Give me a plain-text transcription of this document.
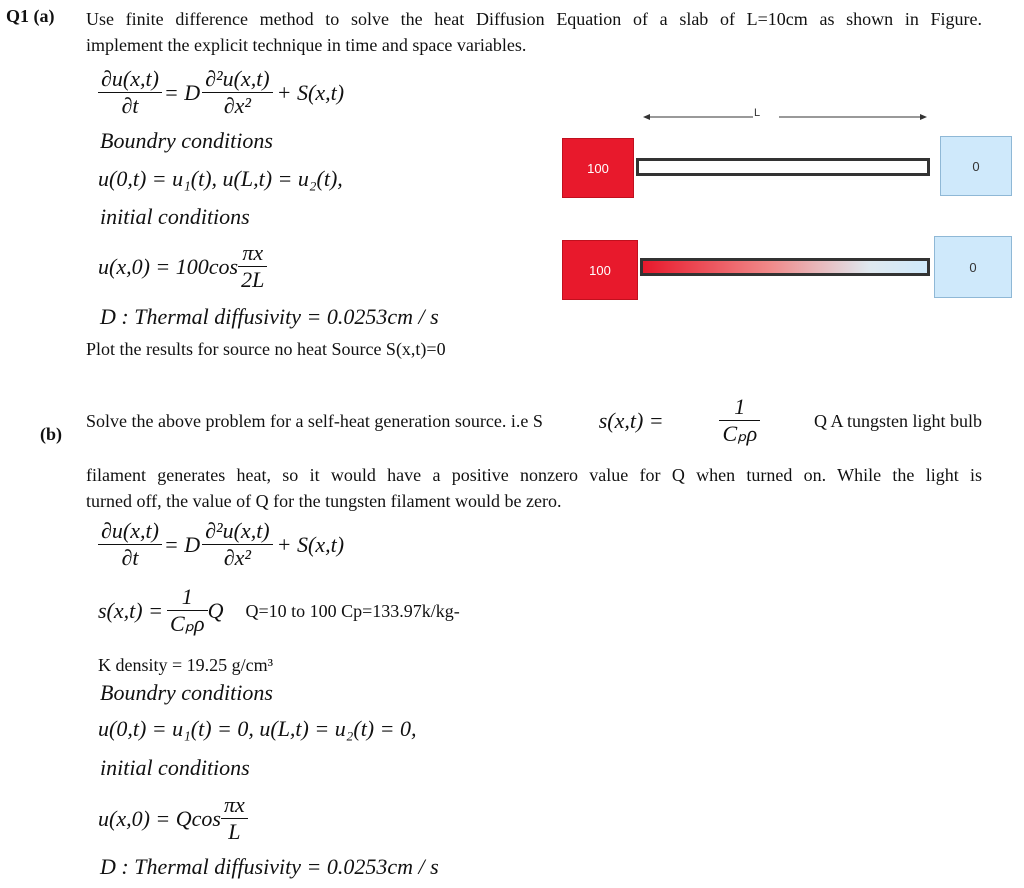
Q1 (a) Use finite difference method to solve the heat Diffusion Equation of a slab of L=10cm as shown in Figure.
implement the explicit technique in time and space variables.
$\frac{\partial u(x,t)}{\partial t} = D \frac{\text{∂²u(x,t)}}{\text{∂x²}} + S(x,t)$
Boundry conditions
u(0,t) = u₁(t), u(L,t) = u₂(t),
initial conditions
$u(x,0) = 100\cos \frac{\pi x}{2L}$
D : Thermal diffusivity = 0.0253cm / s
Plot the results for source no heat Source S(x,t)=0
L
100	0
100	0
(b)
Solve the above problem for a self-heat generation source. i.e S	s(x,t) =	$\frac{1}{\text{Cₚρ}}$	Q A tungsten light bulb
filament generates heat, so it would have a positive nonzero value for Q when turned on. While the light is
turned off, the value of Q for the tungsten filament would be zero.
$\frac{\partial u(x,t)}{\partial t} = D \frac{\text{∂²u(x,t)}}{\text{∂x²}} + S(x,t)$
$s(x,t) = \frac{1}{\text{Cₚρ}}$ Q Q=10 to 100 Cp=133.97k/kg-
K density = 19.25 g/cm³
Boundry conditions
u(0,t) = u₁(t) = 0, u(L,t) = u₂(t) = 0,
initial conditions
u(x,0) = Qcos $\frac{\pi x}{L}$
D : Thermal diffusivity = 0.0253cm / s
